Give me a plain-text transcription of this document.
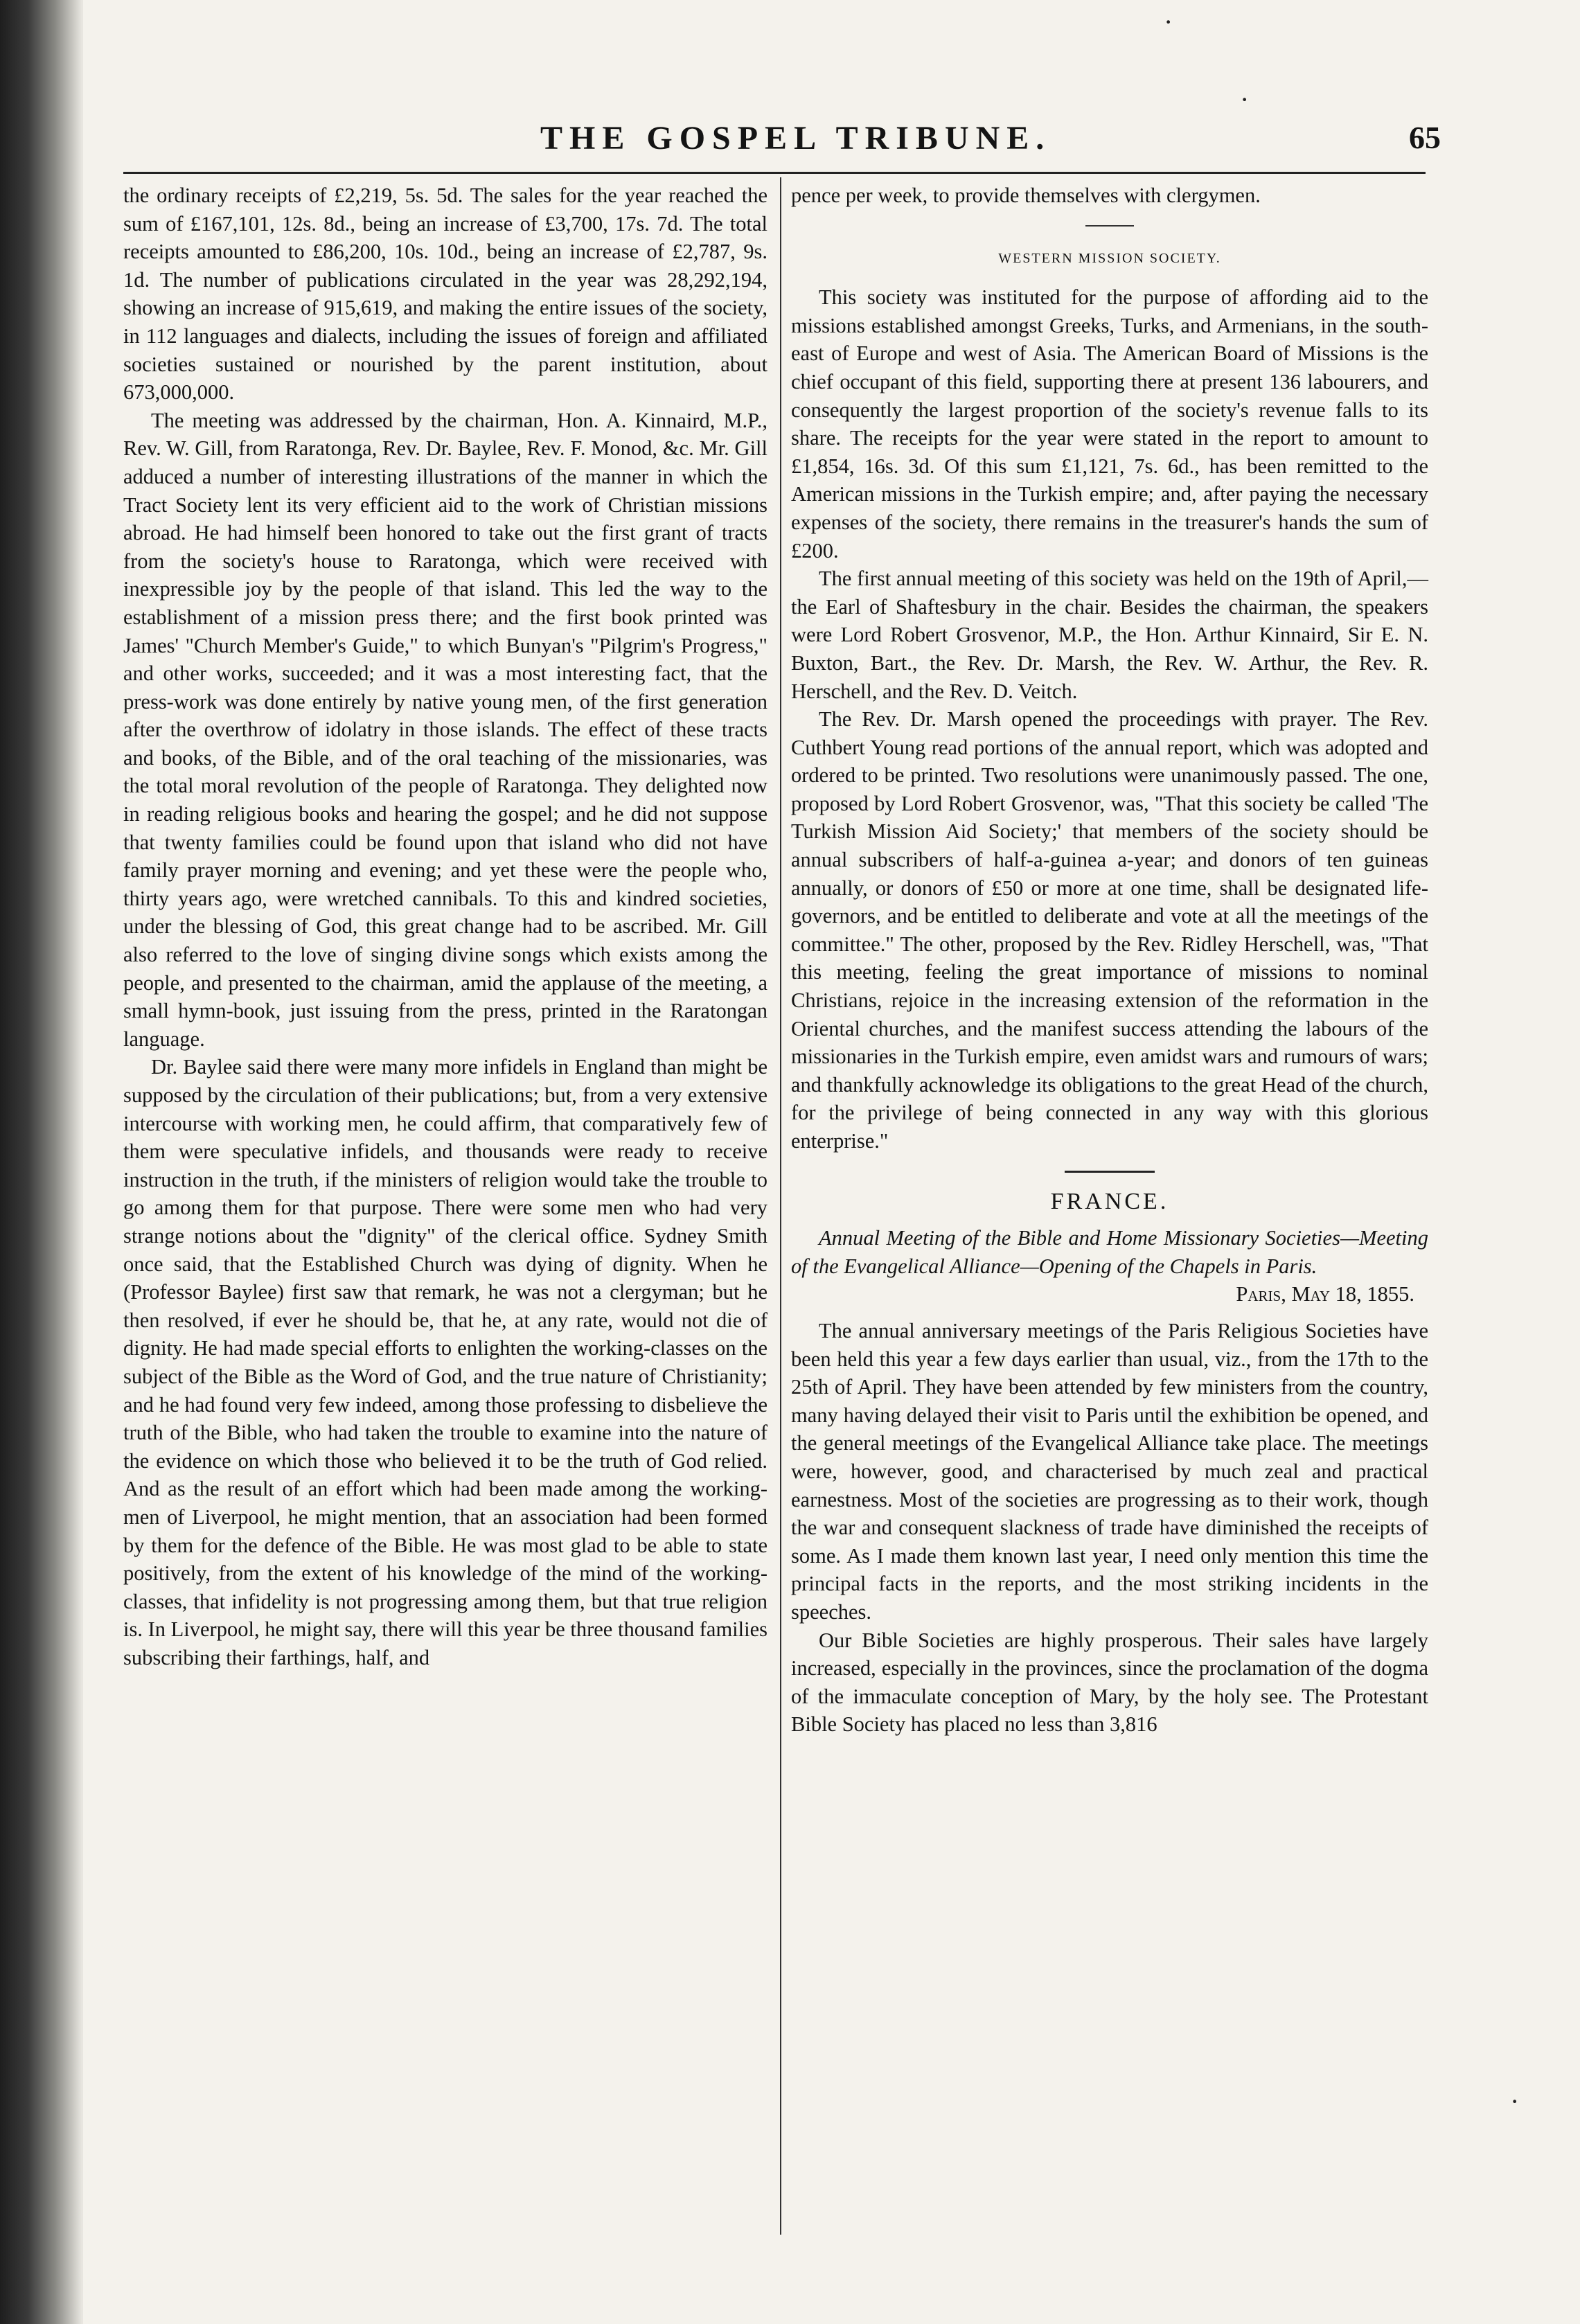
THE GOSPEL TRIBUNE.	65

the ordinary receipts of £2,219, 5s. 5d. The sales for the year reached the sum of £167,101, 12s. 8d., being an increase of £3,700, 17s. 7d. The total receipts amounted to £86,200, 10s. 10d., being an increase of £2,787, 9s. 1d. The number of publications circulated in the year was 28,292,194, showing an increase of 915,619, and making the entire issues of the society, in 112 languages and dialects, including the issues of foreign and affiliated societies sustained or nourished by the parent institution, about 673,000,000.

The meeting was addressed by the chairman, Hon. A. Kinnaird, M.P., Rev. W. Gill, from Raratonga, Rev. Dr. Baylee, Rev. F. Monod, &c. Mr. Gill adduced a number of interesting illustrations of the manner in which the Tract Society lent its very efficient aid to the work of Christian missions abroad. He had himself been honored to take out the first grant of tracts from the society's house to Raratonga, which were received with inexpressible joy by the people of that island. This led the way to the establishment of a mission press there; and the first book printed was James' "Church Member's Guide," to which Bunyan's "Pilgrim's Progress," and other works, succeeded; and it was a most interesting fact, that the press-work was done entirely by native young men, of the first generation after the overthrow of idolatry in those islands. The effect of these tracts and books, of the Bible, and of the oral teaching of the missionaries, was the total moral revolution of the people of Raratonga. They delighted now in reading religious books and hearing the gospel; and he did not suppose that twenty families could be found upon that island who did not have family prayer morning and evening; and yet these were the people who, thirty years ago, were wretched cannibals. To this and kindred societies, under the blessing of God, this great change had to be ascribed. Mr. Gill also referred to the love of singing divine songs which exists among the people, and presented to the chairman, amid the applause of the meeting, a small hymn-book, just issuing from the press, printed in the Raratongan language.

Dr. Baylee said there were many more infidels in England than might be supposed by the circulation of their publications; but, from a very extensive intercourse with working men, he could affirm, that comparatively few of them were speculative infidels, and thousands were ready to receive instruction in the truth, if the ministers of religion would take the trouble to go among them for that purpose. There were some men who had very strange notions about the "dignity" of the clerical office. Sydney Smith once said, that the Established Church was dying of dignity. When he (Professor Baylee) first saw that remark, he was not a clergyman; but he then resolved, if ever he should be, that he, at any rate, would not die of dignity. He had made special efforts to enlighten the working-classes on the subject of the Bible as the Word of God, and the true nature of Christianity; and he had found very few indeed, among those professing to disbelieve the truth of the Bible, who had taken the trouble to examine into the nature of the evidence on which those who believed it to be the truth of God relied. And as the result of an effort which had been made among the working-men of Liverpool, he might mention, that an association had been formed by them for the defence of the Bible. He was most glad to be able to state positively, from the extent of his knowledge of the mind of the working-classes, that infidelity is not progressing among them, but that true religion is. In Liverpool, he might say, there will this year be three thousand families subscribing their farthings, half, and

pence per week, to provide themselves with clergymen.

WESTERN MISSION SOCIETY.

This society was instituted for the purpose of affording aid to the missions established amongst Greeks, Turks, and Armenians, in the south-east of Europe and west of Asia. The American Board of Missions is the chief occupant of this field, supporting there at present 136 labourers, and consequently the largest proportion of the society's revenue falls to its share. The receipts for the year were stated in the report to amount to £1,854, 16s. 3d. Of this sum £1,121, 7s. 6d., has been remitted to the American missions in the Turkish empire; and, after paying the necessary expenses of the society, there remains in the treasurer's hands the sum of £200.

The first annual meeting of this society was held on the 19th of April,—the Earl of Shaftesbury in the chair. Besides the chairman, the speakers were Lord Robert Grosvenor, M.P., the Hon. Arthur Kinnaird, Sir E. N. Buxton, Bart., the Rev. Dr. Marsh, the Rev. W. Arthur, the Rev. R. Herschell, and the Rev. D. Veitch.

The Rev. Dr. Marsh opened the proceedings with prayer. The Rev. Cuthbert Young read portions of the annual report, which was adopted and ordered to be printed. Two resolutions were unanimously passed. The one, proposed by Lord Robert Grosvenor, was, "That this society be called 'The Turkish Mission Aid Society;' that members of the society should be annual subscribers of half-a-guinea a-year; and donors of ten guineas annually, or donors of £50 or more at one time, shall be designated life-governors, and be entitled to deliberate and vote at all the meetings of the committee." The other, proposed by the Rev. Ridley Herschell, was, "That this meeting, feeling the great importance of missions to nominal Christians, rejoice in the increasing extension of the reformation in the Oriental churches, and the manifest success attending the labours of the missionaries in the Turkish empire, even amidst wars and rumours of wars; and thankfully acknowledge its obligations to the great Head of the church, for the privilege of being connected in any way with this glorious enterprise."

FRANCE.

Annual Meeting of the Bible and Home Missionary Societies—Meeting of the Evangelical Alliance—Opening of the Chapels in Paris.

Paris, May 18, 1855.

The annual anniversary meetings of the Paris Religious Societies have been held this year a few days earlier than usual, viz., from the 17th to the 25th of April. They have been attended by few ministers from the country, many having delayed their visit to Paris until the exhibition be opened, and the general meetings of the Evangelical Alliance take place. The meetings were, however, good, and characterised by much zeal and practical earnestness. Most of the societies are progressing as to their work, though the war and consequent slackness of trade have diminished the receipts of some. As I made them known last year, I need only mention this time the principal facts in the reports, and the most striking incidents in the speeches.

Our Bible Societies are highly prosperous. Their sales have largely increased, especially in the provinces, since the proclamation of the dogma of the immaculate conception of Mary, by the holy see. The Protestant Bible Society has placed no less than 3,816

·
·
·
